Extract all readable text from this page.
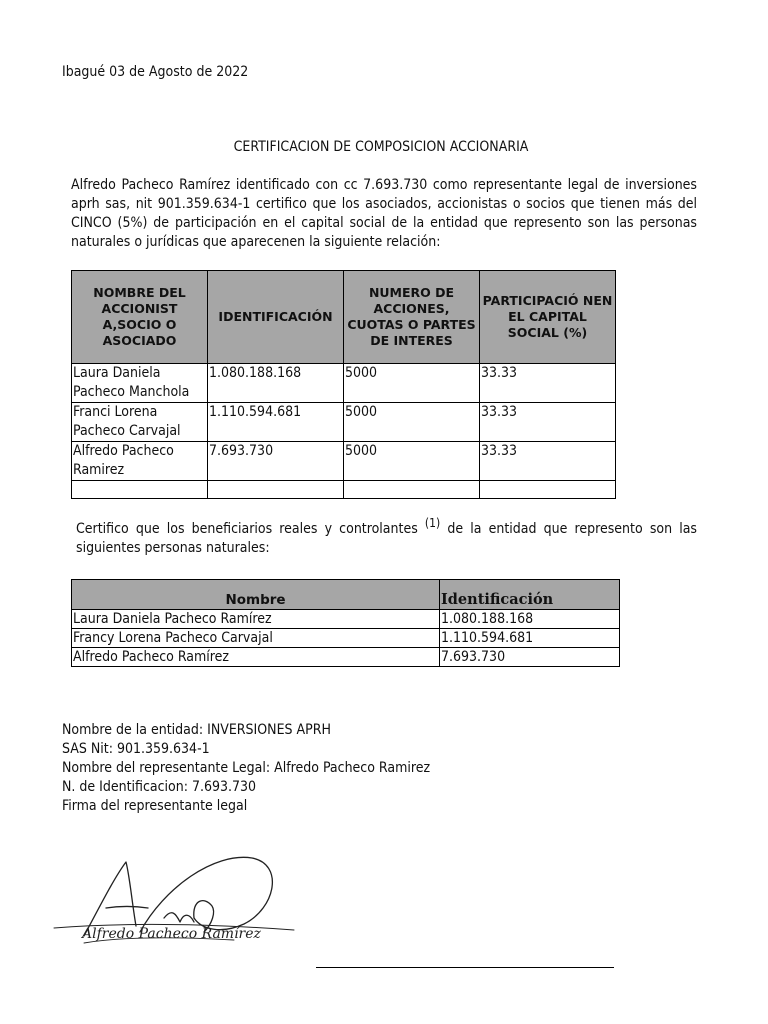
Ibagué 03 de Agosto de 2022
CERTIFICACION DE COMPOSICION ACCIONARIA
Alfredo Pacheco Ramírez identificado con cc 7.693.730 como representante legal de inversiones aprh sas, nit 901.359.634-1 certifico que los asociados, accionistas o socios que tienen más del CINCO (5%) de participación en el capital social de la entidad que represento son las personas naturales o jurídicas que aparecenen la siguiente relación:
NOMBRE DEL ACCIONIST A,SOCIO O ASOCIADO	IDENTIFICACIÓN	NUMERO DE ACCIONES, CUOTAS O PARTES DE INTERES	PARTICIPACIÓ NEN EL CAPITAL SOCIAL (%)
Laura Daniela Pacheco Manchola	1.080.188.168	5000	33.33
Franci Lorena Pacheco Carvajal	1.110.594.681	5000	33.33
Alfredo Pacheco Ramirez	7.693.730	5000	33.33

Certifico que los beneficiarios reales y controlantes $^{(1)}$ de la entidad que represento son las siguientes personas naturales:
Nombre	Identificación
Laura Daniela Pacheco Ramírez	1.080.188.168
Francy Lorena Pacheco Carvajal	1.110.594.681
Alfredo Pacheco Ramírez	7.693.730
Nombre de la entidad: INVERSIONES APRH
SAS Nit: 901.359.634-1
Nombre del representante Legal: Alfredo Pacheco Ramirez
N. de Identificacion: 7.693.730
Firma del representante legal
Alfredo Pacheco Ramírez
